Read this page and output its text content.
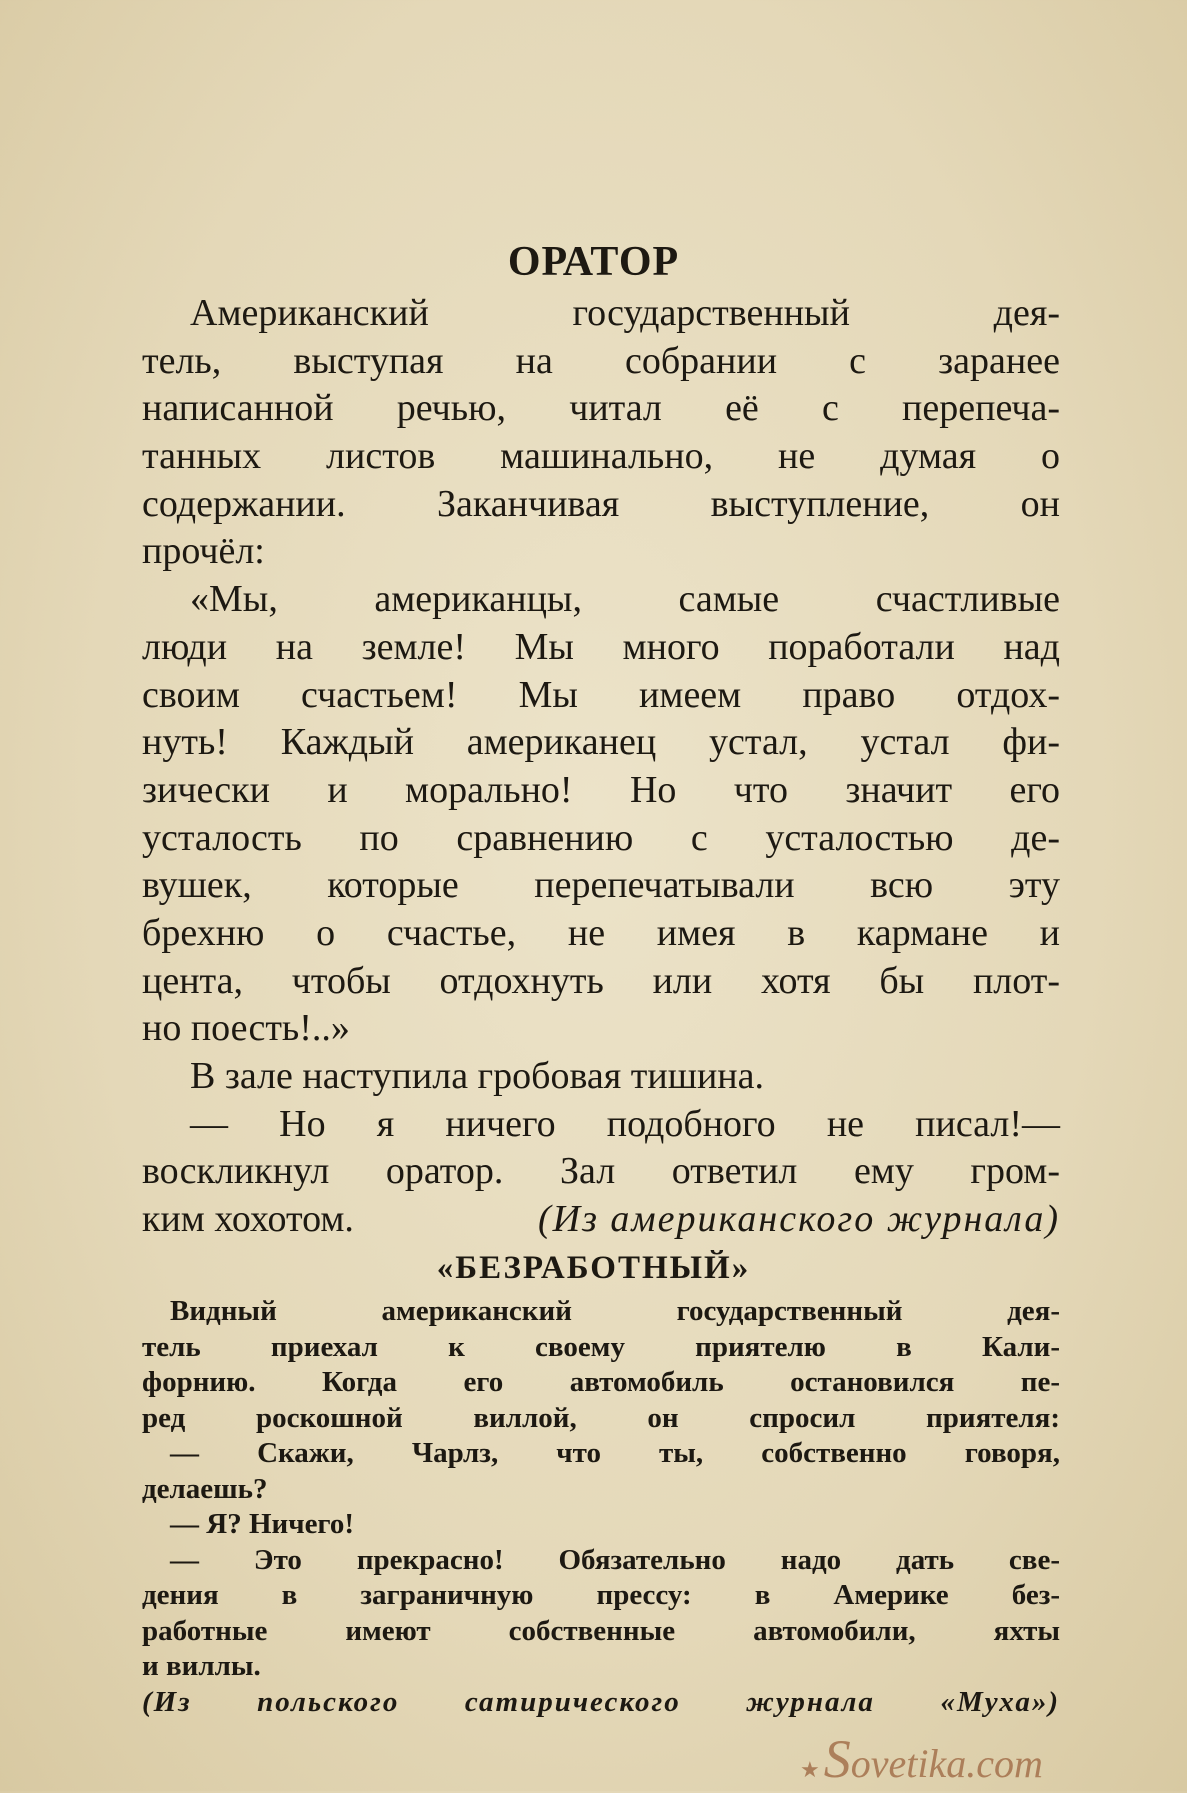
ОРАТОР
Американский государственный дея-
тель, выступая на собрании с заранее
написанной речью, читал её с перепеча-
танных листов машинально, не думая о
содержании. Заканчивая выступление, он
прочёл:
«Мы, американцы, самые счастливые
люди на земле! Мы много поработали над
своим счастьем! Мы имеем право отдох-
нуть! Каждый американец устал, устал фи-
зически и морально! Но что значит его
усталость по сравнению с усталостью де-
вушек, которые перепечатывали всю эту
брехню о счастье, не имея в кармане и
цента, чтобы отдохнуть или хотя бы плот-
но поесть!..»
В зале наступила гробовая тишина.
— Но я ничего подобного не писал!—
воскликнул оратор. Зал ответил ему гром-
ким хохотом.	(Из американского журнала)
«БЕЗРАБОТНЫЙ»
Видный американский государственный дея-
тель приехал к своему приятелю в Кали-
форнию. Когда его автомобиль остановился пе-
ред роскошной виллой, он спросил приятеля:
— Скажи, Чарлз, что ты, собственно говоря,
делаешь?
— Я? Ничего!
— Это прекрасно! Обязательно надо дать све-
дения в заграничную прессу: в Америке без-
работные имеют собственные автомобили, яхты
и виллы.
(Из польского сатирического журнала «Муха»)
★ S ovetika.com
